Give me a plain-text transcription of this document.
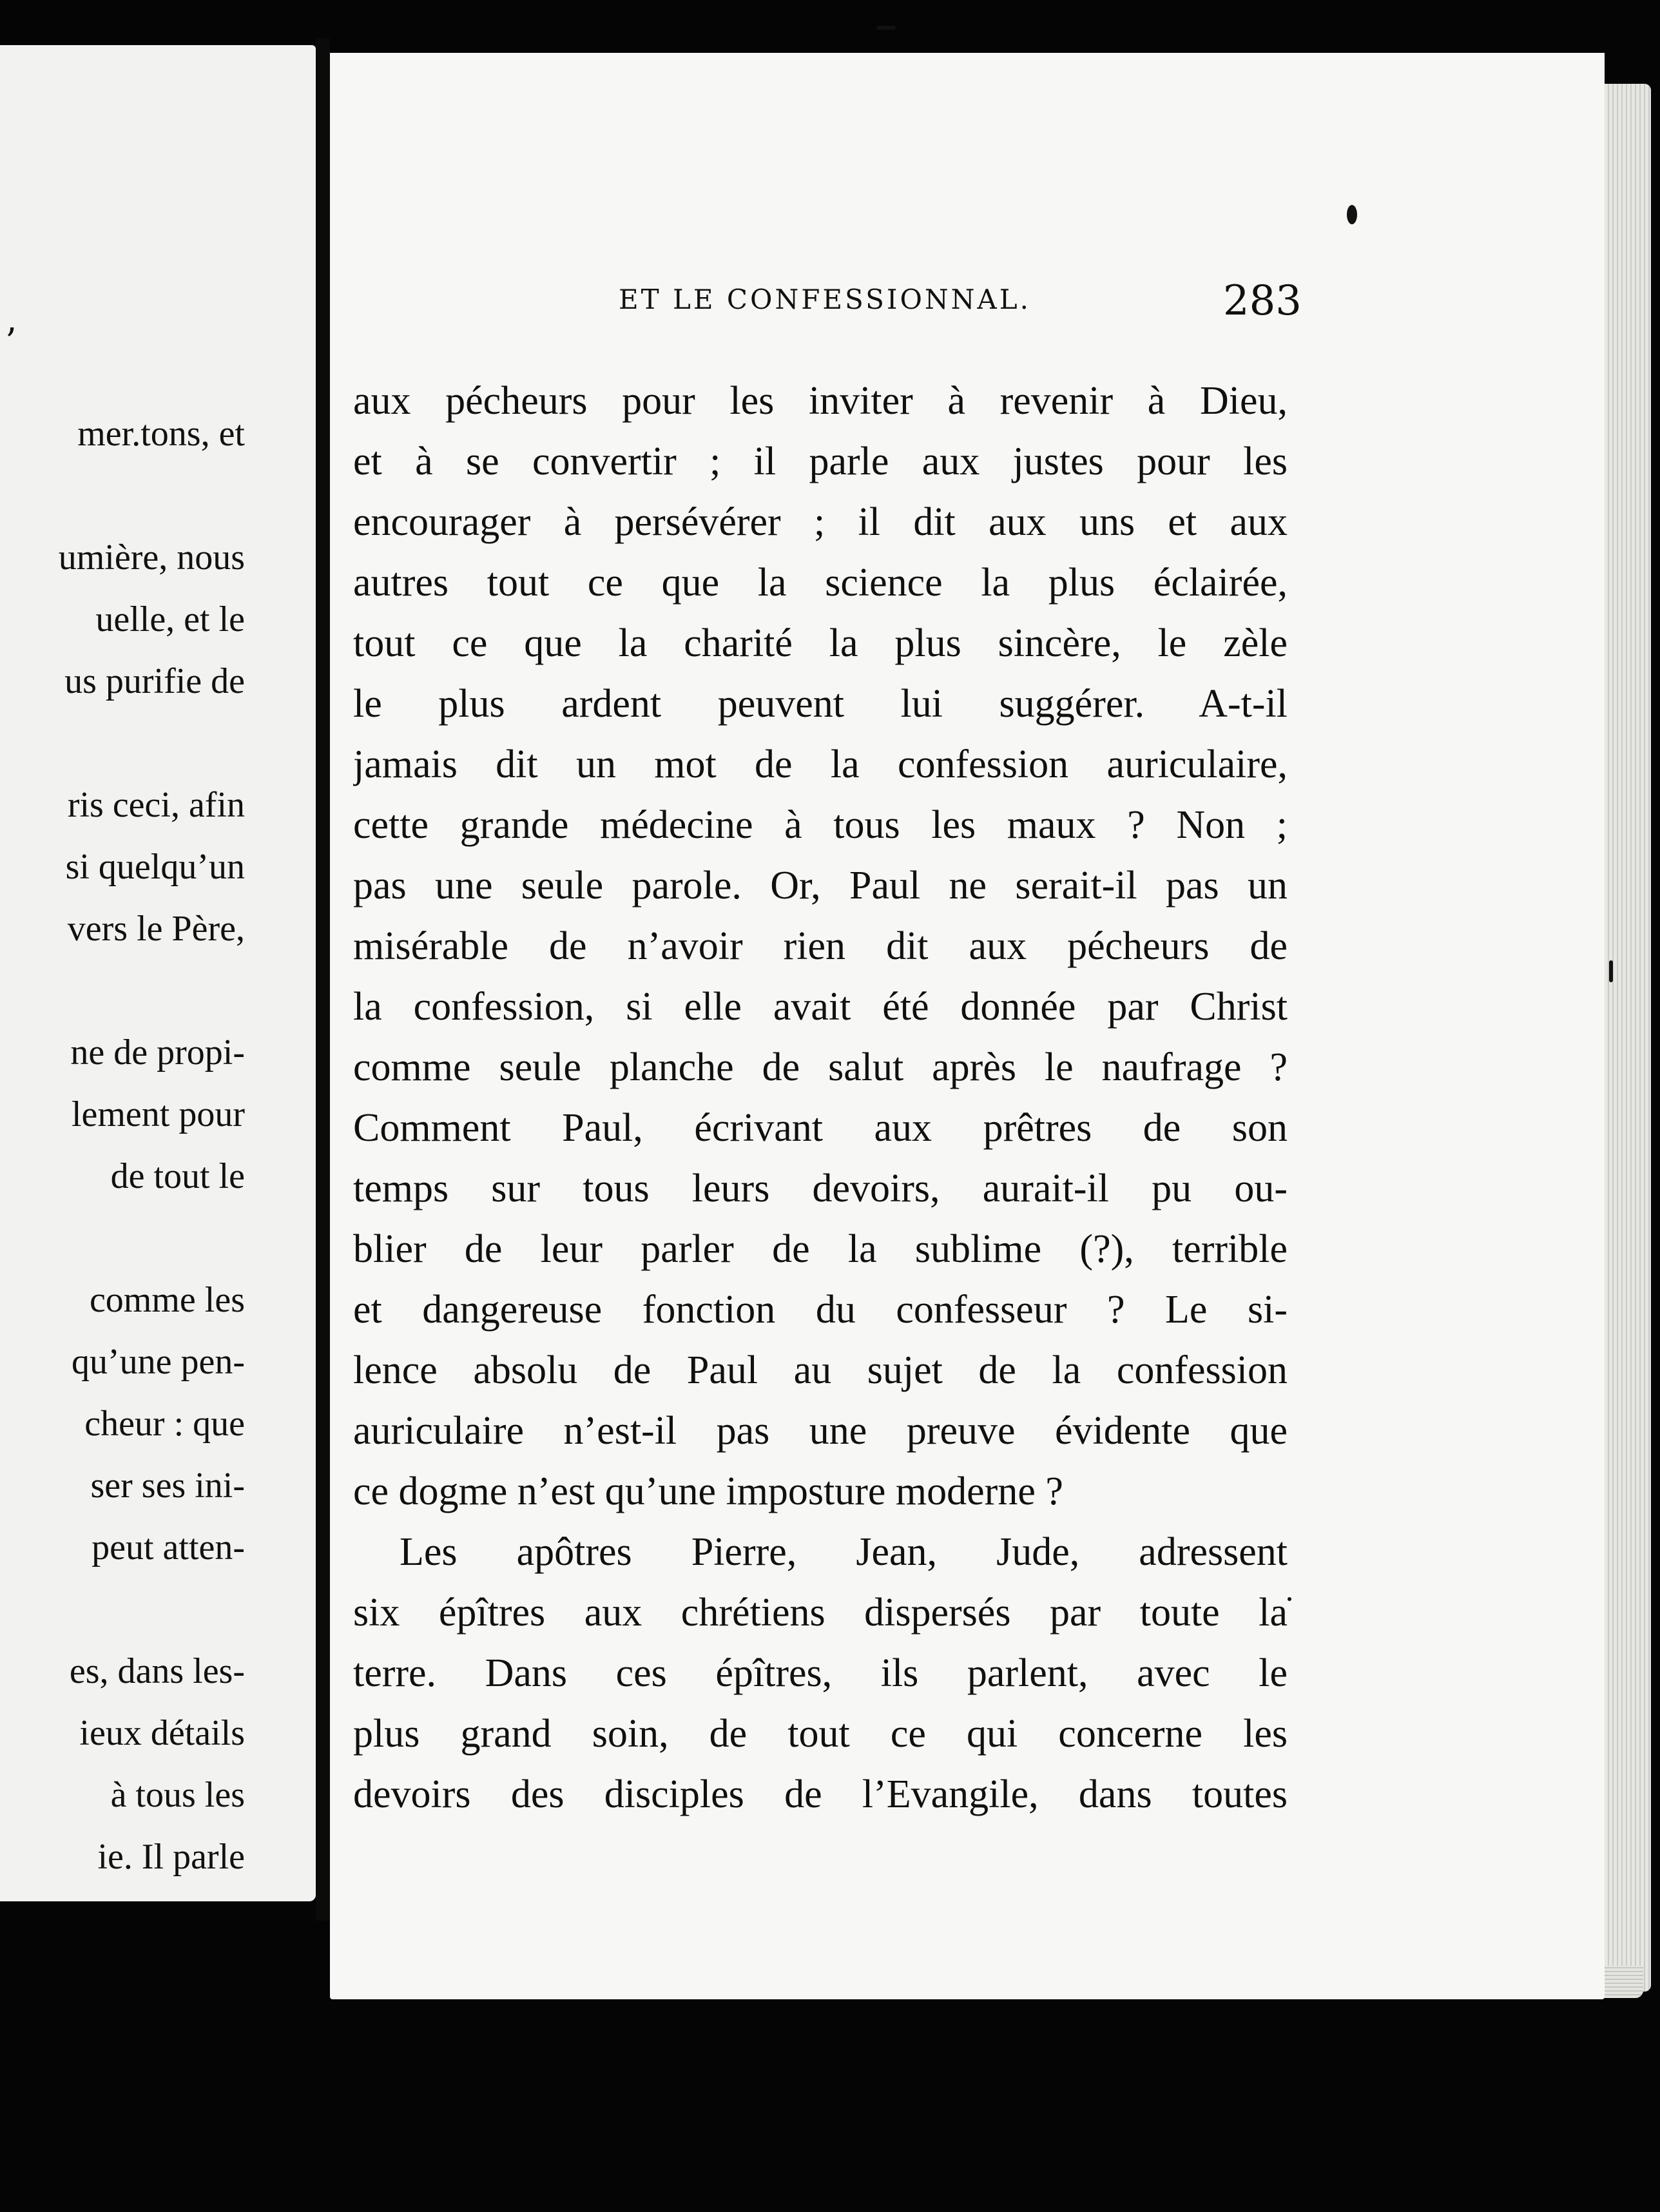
’
mer.tons, et
umière, nous
uelle, et le
us purifie de
ris ceci, afin
si quelqu’un
vers le Père,
ne de propi-
lement pour
de tout le
comme les
qu’une pen-
cheur : que
ser ses ini-
peut atten-
es, dans les-
ieux détails
à tous les
ie. Il parle
ET LE CONFESSIONNAL.	283
aux pécheurs pour les inviter à revenir à Dieu,
et à se convertir ; il parle aux justes pour les
encourager à persévérer ; il dit aux uns et aux
autres tout ce que la science la plus éclairée,
tout ce que la charité la plus sincère, le zèle
le plus ardent peuvent lui suggérer. A-t-il
jamais dit un mot de la confession auriculaire,
cette grande médecine à tous les maux ? Non ;
pas une seule parole. Or, Paul ne serait-il pas un
misérable de n’avoir rien dit aux pécheurs de
la confession, si elle avait été donnée par Christ
comme seule planche de salut après le naufrage ?
Comment Paul, écrivant aux prêtres de son
temps sur tous leurs devoirs, aurait-il pu ou-
blier de leur parler de la sublime (?), terrible
et dangereuse fonction du confesseur ? Le si-
lence absolu de Paul au sujet de la confession
auriculaire n’est-il pas une preuve évidente que
ce dogme n’est qu’une imposture moderne ?
Les apôtres Pierre, Jean, Jude, adressent
six épîtres aux chrétiens dispersés par toute la
terre. Dans ces épîtres, ils parlent, avec le
plus grand soin, de tout ce qui concerne les
devoirs des disciples de l’Evangile, dans toutes
